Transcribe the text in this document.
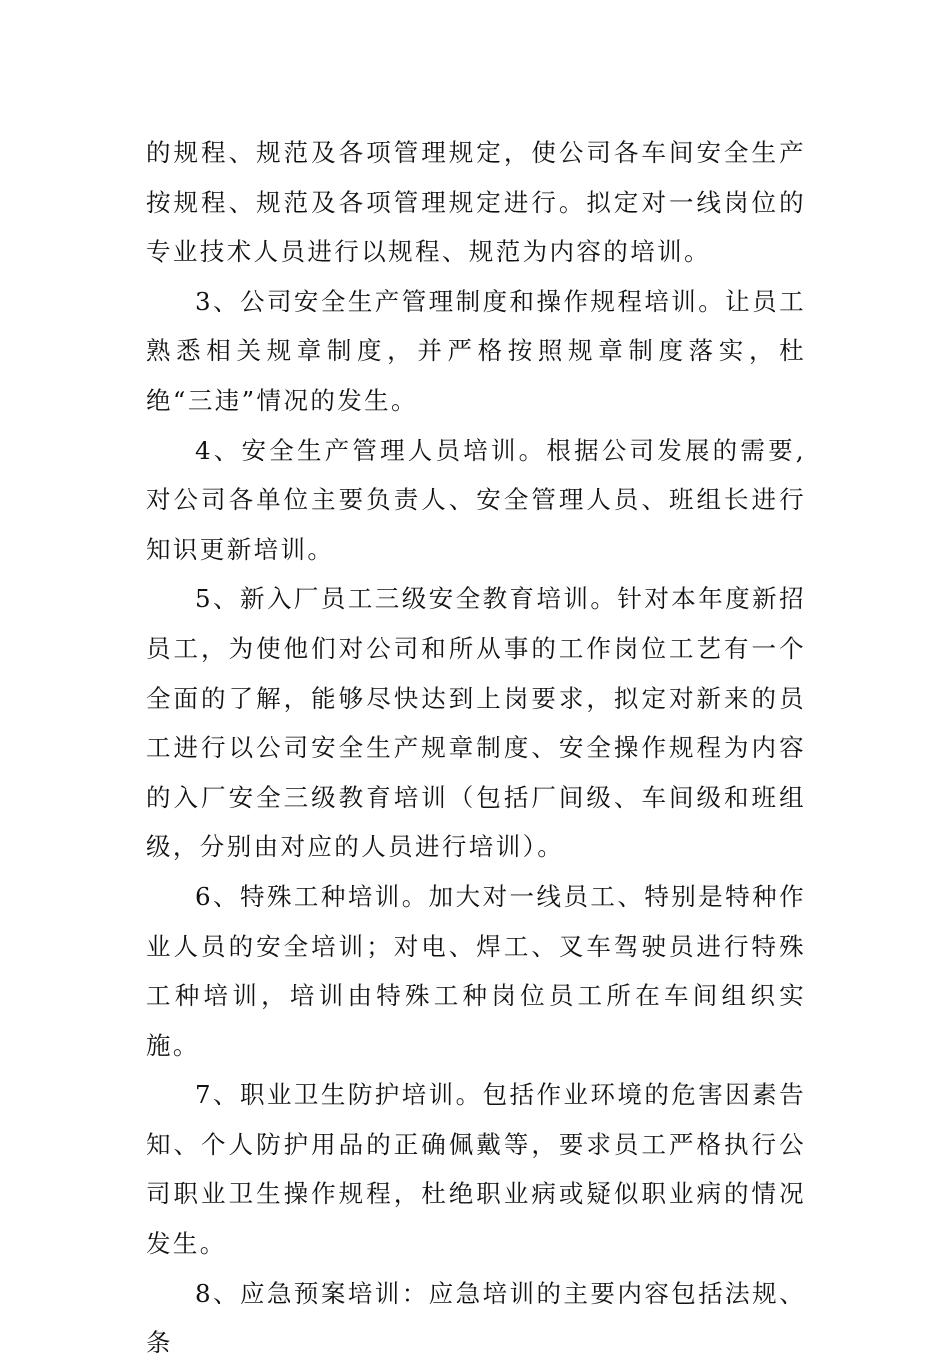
的规程、规范及各项管理规定，使公司各车间安全生产按规程、规范及各项管理规定进行。拟定对一线岗位的专业技术人员进行以规程、规范为内容的培训。

3、公司安全生产管理制度和操作规程培训。让员工熟悉相关规章制度，并严格按照规章制度落实，杜绝“三违”情况的发生。

4、安全生产管理人员培训。根据公司发展的需要,对公司各单位主要负责人、安全管理人员、班组长进行知识更新培训。

5、新入厂员工三级安全教育培训。针对本年度新招员工，为使他们对公司和所从事的工作岗位工艺有一个全面的了解，能够尽快达到上岗要求，拟定对新来的员工进行以公司安全生产规章制度、安全操作规程为内容的入厂安全三级教育培训（包括厂间级、车间级和班组级，分别由对应的人员进行培训）。

6、特殊工种培训。加大对一线员工、特别是特种作业人员的安全培训；对电、焊工、叉车驾驶员进行特殊工种培训，培训由特殊工种岗位员工所在车间组织实施。

7、职业卫生防护培训。包括作业环境的危害因素告知、个人防护用品的正确佩戴等，要求员工严格执行公司职业卫生操作规程，杜绝职业病或疑似职业病的情况发生。

8、应急预案培训：应急培训的主要内容包括法规、条
